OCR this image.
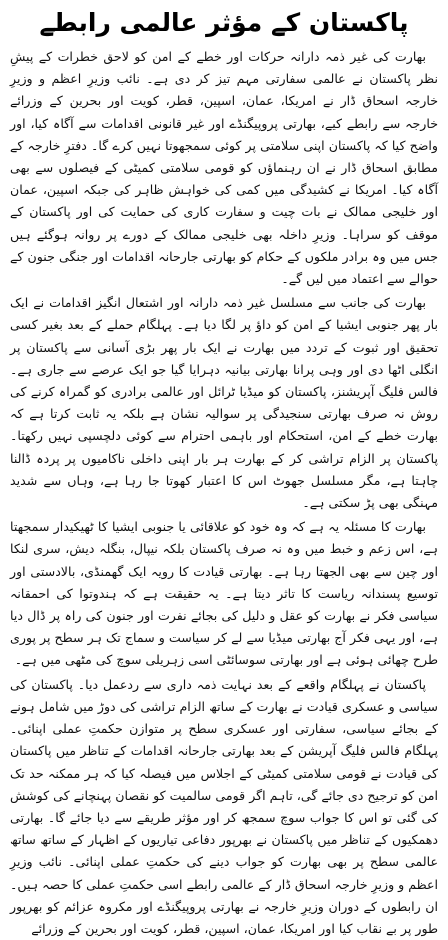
پاکستان کے مؤثر عالمی رابطے

بھارت کی غیر ذمہ دارانہ حرکات اور خطے کے امن کو لاحق خطرات کے پیشِ نظر پاکستان نے عالمی سفارتی مہم تیز کر دی ہے۔ نائب وزیرِ اعظم و وزیرِ خارجہ اسحاق ڈار نے امریکا، عمان، اسپین، قطر، کویت اور بحرین کے وزرائے خارجہ سے رابطے کیے، بھارتی پروپیگنڈے اور غیر قانونی اقدامات سے آگاہ کیا، اور واضح کیا کہ پاکستان اپنی سلامتی پر کوئی سمجھوتا نہیں کرے گا۔ دفترِ خارجہ کے مطابق اسحاق ڈار نے ان رہنماؤں کو قومی سلامتی کمیٹی کے فیصلوں سے بھی آگاہ کیا۔ امریکا نے کشیدگی میں کمی کی خواہش ظاہر کی جبکہ اسپین، عمان اور خلیجی ممالک نے بات چیت و سفارت کاری کی حمایت کی اور پاکستان کے موقف کو سراہا۔ وزیرِ داخلہ بھی خلیجی ممالک کے دورے پر روانہ ہوگئے ہیں جس میں وہ برادر ملکوں کے حکام کو بھارتی جارحانہ اقدامات اور جنگی جنون کے حوالے سے اعتماد میں لیں گے۔

بھارت کی جانب سے مسلسل غیر ذمہ دارانہ اور اشتعال انگیز اقدامات نے ایک بار پھر جنوبی ایشیا کے امن کو داؤ پر لگا دیا ہے۔ پہلگام حملے کے بعد بغیر کسی تحقیق اور ثبوت کے تردد میں بھارت نے ایک بار پھر بڑی آسانی سے پاکستان پر انگلی اٹھا دی اور وہی پرانا بھارتی بیانیہ دہرایا گیا جو ایک عرصے سے جاری ہے۔ فالس فلیگ آپریشنز، پاکستان کو میڈیا ٹرائل اور عالمی برادری کو گمراہ کرنے کی روش نہ صرف بھارتی سنجیدگی پر سوالیہ نشان ہے بلکہ یہ ثابت کرتا ہے کہ بھارت خطے کے امن، استحکام اور باہمی احترام سے کوئی دلچسپی نہیں رکھتا۔ پاکستان پر الزام تراشی کر کے بھارت ہر بار اپنی داخلی ناکامیوں پر پردہ ڈالنا چاہتا ہے، مگر مسلسل جھوٹ اس کا اعتبار کھوتا جا رہا ہے، وہاں سے شدید مہنگی بھی پڑ سکتی ہے۔

بھارت کا مسئلہ یہ ہے کہ وہ خود کو علاقائی یا جنوبی ایشیا کا ٹھیکیدار سمجھتا ہے، اس زعم و خبط میں وہ نہ صرف پاکستان بلکہ نیپال، بنگلہ دیش، سری لنکا اور چین سے بھی الجھتا رہا ہے۔ بھارتی قیادت کا رویہ ایک گھمنڈی، بالادستی اور توسیع پسندانہ ریاست کا تاثر دیتا ہے۔ یہ حقیقت ہے کہ ہندوتوا کی احمقانہ سیاسی فکر نے بھارت کو عقل و دلیل کی بجائے نفرت اور جنون کی راہ پر ڈال دیا ہے، اور یہی فکر آج بھارتی میڈیا سے لے کر سیاست و سماج تک ہر سطح پر پوری طرح چھائی ہوئی ہے اور بھارتی سوسائٹی اسی زہریلی سوچ کی مٹھی میں ہے۔

پاکستان نے پہلگام واقعے کے بعد نہایت ذمہ داری سے ردعمل دیا۔ پاکستان کی سیاسی و عسکری قیادت نے بھارت کے ساتھ الزام تراشی کی دوڑ میں شامل ہونے کے بجائے سیاسی، سفارتی اور عسکری سطح پر متوازن حکمتِ عملی اپنائی۔ پہلگام فالس فلیگ آپریشن کے بعد بھارتی جارحانہ اقدامات کے تناظر میں پاکستان کی قیادت نے قومی سلامتی کمیٹی کے اجلاس میں فیصلہ کیا کہ ہر ممکنہ حد تک امن کو ترجیح دی جائے گی، تاہم اگر قومی سالمیت کو نقصان پہنچانے کی کوشش کی گئی تو اس کا جواب سوچ سمجھ کر اور مؤثر طریقے سے دیا جائے گا۔ بھارتی دھمکیوں کے تناظر میں پاکستان نے بھرپور دفاعی تیاریوں کے اظہار کے ساتھ ساتھ عالمی سطح پر بھی بھارت کو جواب دینے کی حکمتِ عملی اپنائی۔ نائب وزیرِ اعظم و وزیرِ خارجہ اسحاق ڈار کے عالمی رابطے اسی حکمتِ عملی کا حصہ ہیں۔ ان رابطوں کے دوران وزیرِ خارجہ نے بھارتی پروپیگنڈے اور مکروہ عزائم کو بھرپور طور پر بے نقاب کیا اور امریکا، عمان، اسپین، قطر، کویت اور بحرین کے وزرائے
